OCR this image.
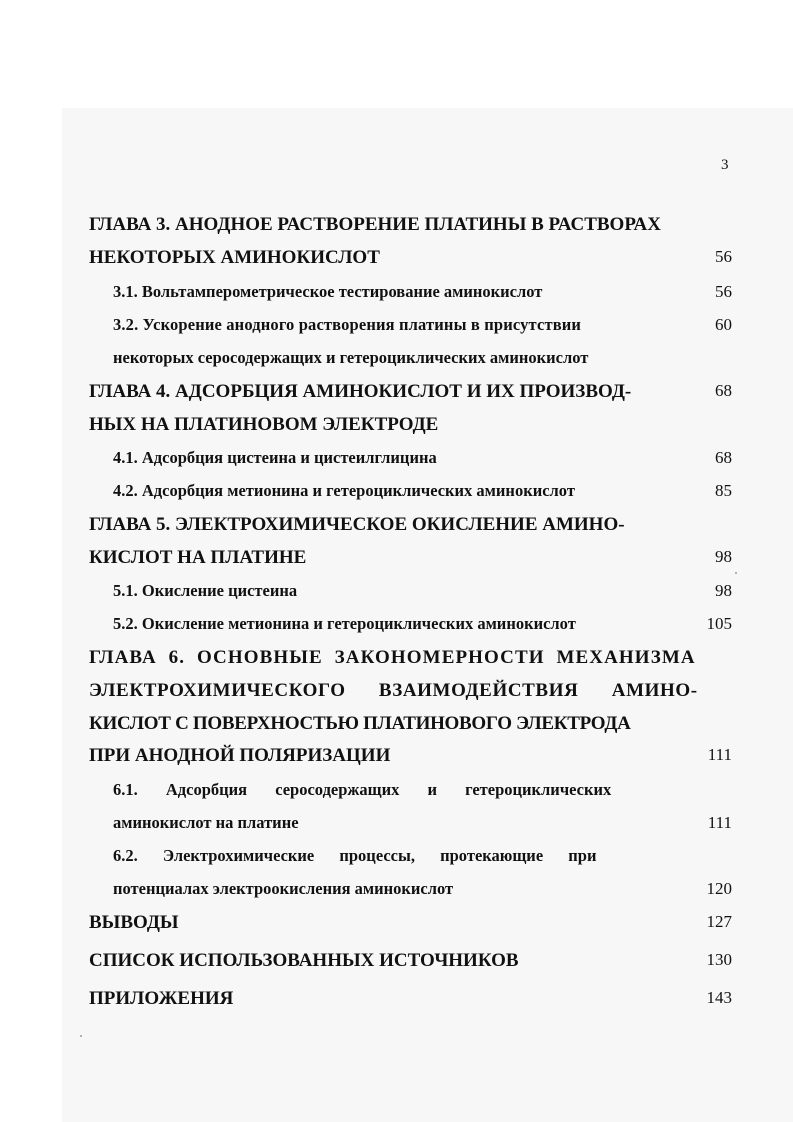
3
ГЛАВА 3. АНОДНОЕ РАСТВОРЕНИЕ ПЛАТИНЫ В РАСТВОРАХ
НЕКОТОРЫХ АМИНОКИСЛОТ	56
3.1. Вольтамперометрическое тестирование аминокислот	56
3.2. Ускорение анодного растворения платины в присутствии	60
некоторых серосодержащих и гетероциклических аминокислот
ГЛАВА 4. АДСОРБЦИЯ АМИНОКИСЛОТ И ИХ ПРОИЗВОД-	68
НЫХ НА ПЛАТИНОВОМ ЭЛЕКТРОДЕ
4.1. Адсорбция цистеина и цистеилглицина	68
4.2. Адсорбция метионина и гетероциклических аминокислот	85
ГЛАВА 5. ЭЛЕКТРОХИМИЧЕСКОЕ ОКИСЛЕНИЕ АМИНО-
КИСЛОТ НА ПЛАТИНЕ	98
5.1. Окисление цистеина	98
5.2. Окисление метионина и гетероциклических аминокислот	105
ГЛАВА 6. ОСНОВНЫЕ ЗАКОНОМЕРНОСТИ МЕХАНИЗМА
ЭЛЕКТРОХИМИЧЕСКОГО ВЗАИМОДЕЙСТВИЯ АМИНО-
КИСЛОТ С ПОВЕРХНОСТЬЮ ПЛАТИНОВОГО ЭЛЕКТРОДА
ПРИ АНОДНОЙ ПОЛЯРИЗАЦИИ	111
6.1. Адсорбция серосодержащих и гетероциклических
аминокислот на платине	111
6.2. Электрохимические процессы, протекающие при
потенциалах электроокисления аминокислот	120
ВЫВОДЫ	127
СПИСОК ИСПОЛЬЗОВАННЫХ ИСТОЧНИКОВ	130
ПРИЛОЖЕНИЯ	143
